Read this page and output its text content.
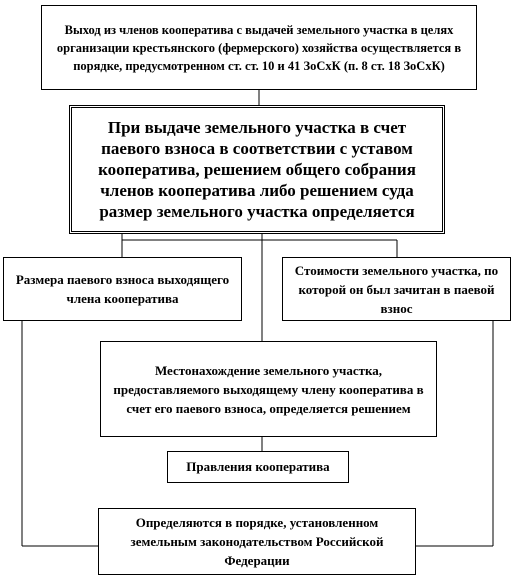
Выход из членов кооператива с выдачей земельного участка в целях организации крестьянского (фермерского) хозяйства осуществляется в порядке, предусмотренном ст. ст. 10 и 41 ЗоСхК (п. 8 ст. 18 ЗоСхК)
При выдаче земельного участка в счет паевого взноса в соответствии с уставом кооператива, решением общего собрания членов кооператива либо решением суда размер земельного участка определяется
Размера паевого взноса выходящего члена кооператива
Стоимости земельного участка, по которой он был зачитан в паевой взнос
Местонахождение земельного участка, предоставляемого выходящему члену кооператива в счет его паевого взноса, определяется решением
Правления кооператива
Определяются в порядке, установленном земельным законодательством Российской Федерации
